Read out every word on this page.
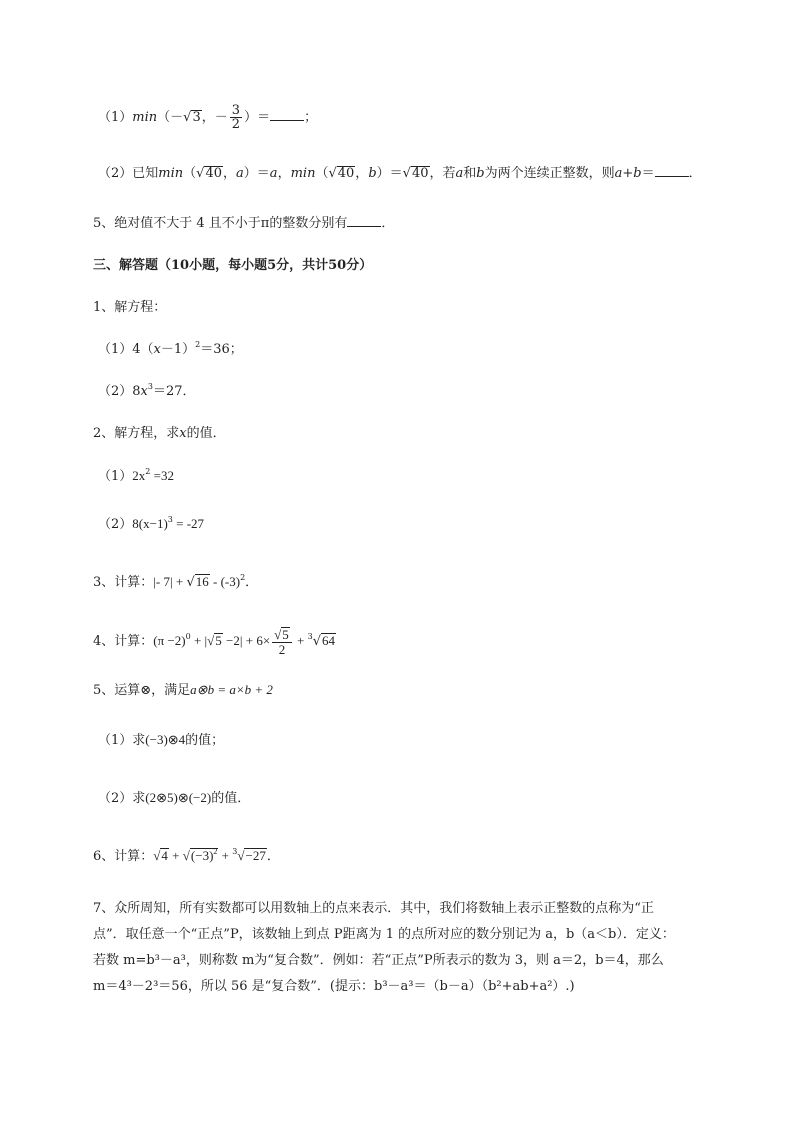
（1）min（－√3，－ $\frac{3}{2}$ ）＝	；
（2）已知min（√40，a）＝a，min（√40，b）＝√40，若a和b为两个连续正整数，则a+b＝	．
5、绝对值不大于 4 且不小于π的整数分别有	．
三、解答题（10小题，每小题5分，共计50分）
1、解方程：
$(1)4(x-1)^2=36$；
$(2)8x^3=27$．
2、解方程，求x的值．
$(1)2x^2 =32$
$(2)8(x-1)^3 = -27$
3、计算：|- $7| + √16 - (-3)^2$．
4、计算：$(\pi -2)^0 + |√5 -2| + 6\times \frac{√5}{2} + ^3√64$
5、运算⊗，满足a⊗b = a×b + 2
（1）求(−3)⊗4的值；
（2）求(2⊗5)⊗(−2)的值．
6、计算：$√4 + √(-3)^2 + ^3√-27$．
7、众所周知，所有实数都可以用数轴上的点来表示．其中，我们将数轴上表示正整数的点称为“正
点”．取任意一个“正点”P，该数轴上到点 P距离为 1 的点所对应的数分别记为 a，b（a＜b）．定义：
若数 m=b³－a³，则称数 m为“复合数”．例如：若“正点”P所表示的数为 3，则 a＝2，b＝4，那么
m＝4³－2³＝56，所以 56 是“复合数”．(提示：b³－a³＝（b－a）（b²+ab+a²）.)
